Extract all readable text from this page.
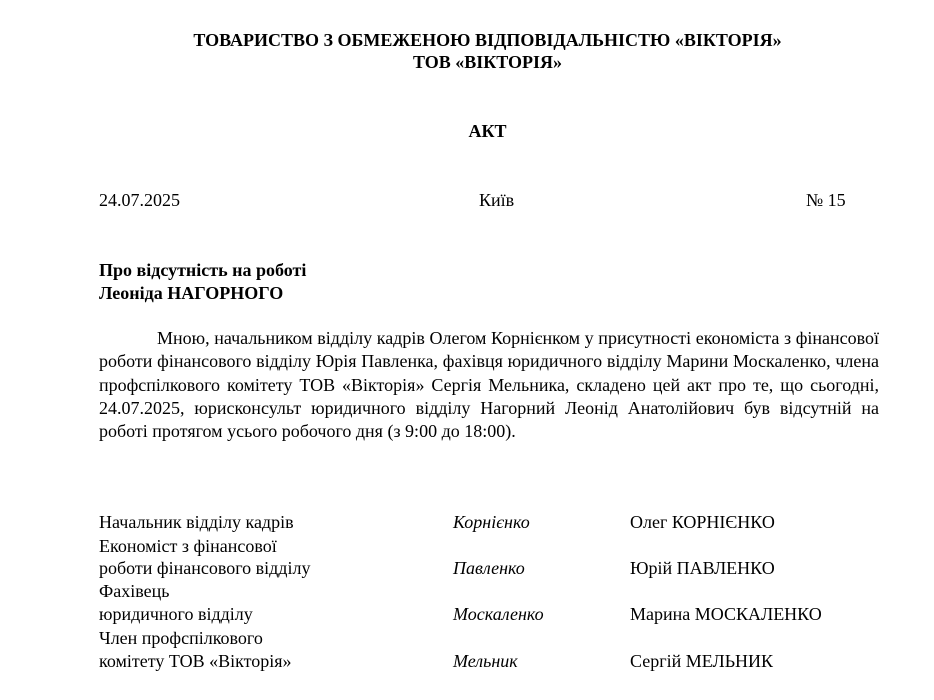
ТОВАРИСТВО З ОБМЕЖЕНОЮ ВІДПОВІДАЛЬНІСТЮ «ВІКТОРІЯ»
ТОВ «ВІКТОРІЯ»
АКТ
24.07.2025	Київ	№ 15
Про відсутність на роботі
Леоніда НАГОРНОГО
Мною, начальником відділу кадрів Олегом Корнієнком у присутності економіста з фінансової роботи фінансового відділу Юрія Павленка, фахівця юридичного відділу Марини Москаленко, члена профспілкового комітету ТОВ «Вікторія» Сергія Мельника, складено цей акт про те, що сьогодні, 24.07.2025, юрисконсульт юридичного відділу Нагорний Леонід Анатолійович був відсутній на роботі протягом усього робочого дня (з 9:00 до 18:00).
Начальник відділу кадрів	Корнієнко	Олег КОРНІЄНКО
Економіст з фінансової
роботи фінансового відділу	Павленко	Юрій ПАВЛЕНКО
Фахівець
юридичного відділу	Москаленко	Марина МОСКАЛЕНКО
Член профспілкового
комітету ТОВ «Вікторія»	Мельник	Сергій МЕЛЬНИК
